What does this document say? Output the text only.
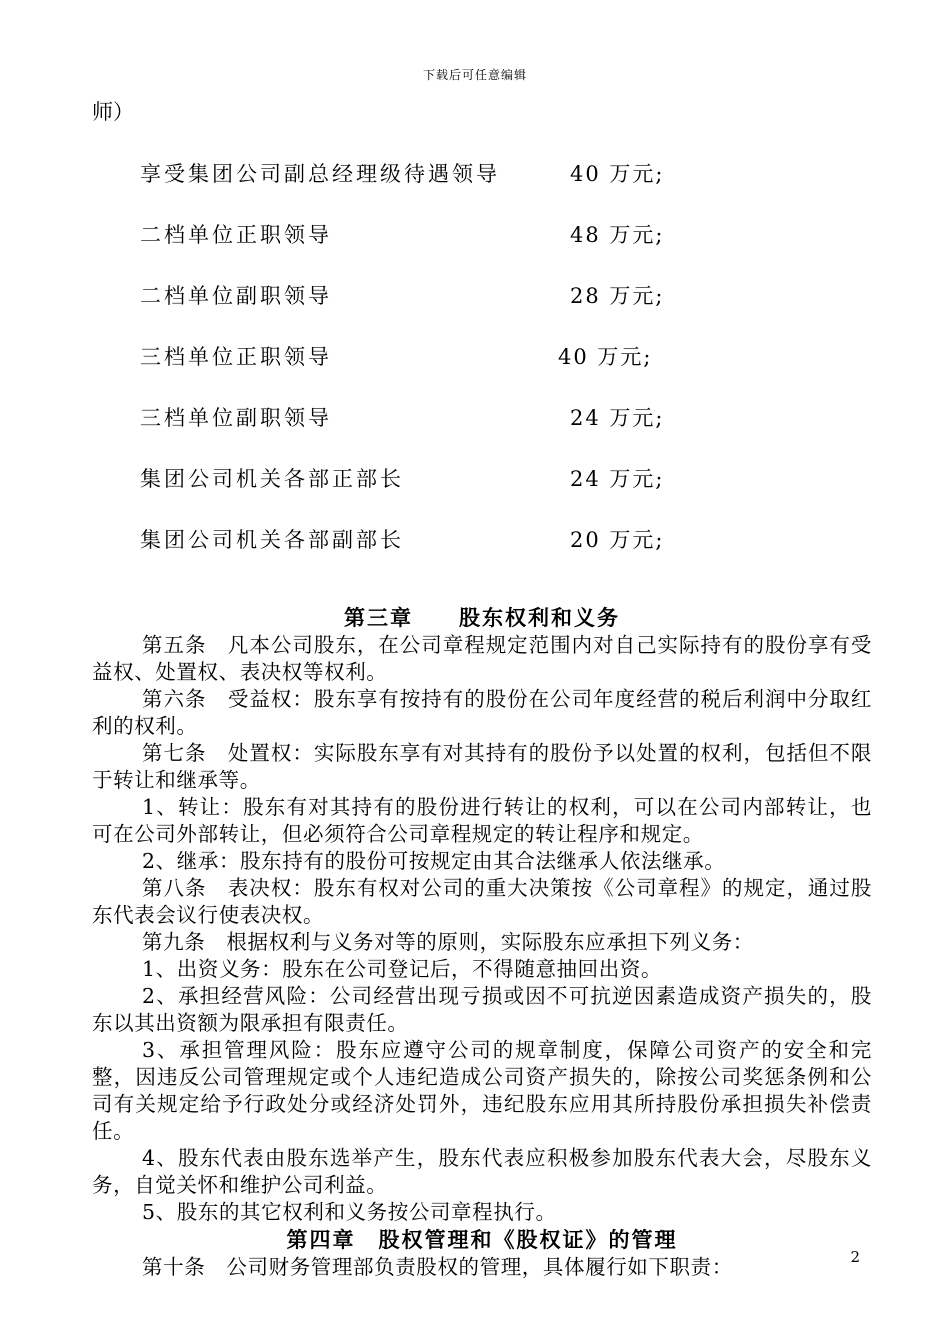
下载后可任意编辑
师）
享受集团公司副总经理级待遇领导	40 万元;
二档单位正职领导	48 万元;
二档单位副职领导	28 万元;
三档单位正职领导	40 万元;
三档单位副职领导	24 万元;
集团公司机关各部正部长	24 万元;
集团公司机关各部副部长	20 万元;
第三章　　股东权利和义务

第五条　凡本公司股东，在公司章程规定范围内对自己实际持有的股份享有受益权、处置权、表决权等权利。

第六条　受益权：股东享有按持有的股份在公司年度经营的税后利润中分取红利的权利。

第七条　处置权：实际股东享有对其持有的股份予以处置的权利，包括但不限于转让和继承等。

1、转让：股东有对其持有的股份进行转让的权利，可以在公司内部转让，也可在公司外部转让，但必须符合公司章程规定的转让程序和规定。

2、继承：股东持有的股份可按规定由其合法继承人依法继承。

第八条　表决权：股东有权对公司的重大决策按《公司章程》的规定，通过股东代表会议行使表决权。

第九条　根据权利与义务对等的原则，实际股东应承担下列义务：

1、出资义务：股东在公司登记后，不得随意抽回出资。

2、承担经营风险：公司经营出现亏损或因不可抗逆因素造成资产损失的，股东以其出资额为限承担有限责任。

3、承担管理风险：股东应遵守公司的规章制度，保障公司资产的安全和完整，因违反公司管理规定或个人违纪造成公司资产损失的，除按公司奖惩条例和公司有关规定给予行政处分或经济处罚外，违纪股东应用其所持股份承担损失补偿责任。

4、股东代表由股东选举产生，股东代表应积极参加股东代表大会，尽股东义务，自觉关怀和维护公司利益。

5、股东的其它权利和义务按公司章程执行。

第四章　股权管理和《股权证》的管理

第十条　公司财务管理部负责股权的管理，具体履行如下职责：	2
